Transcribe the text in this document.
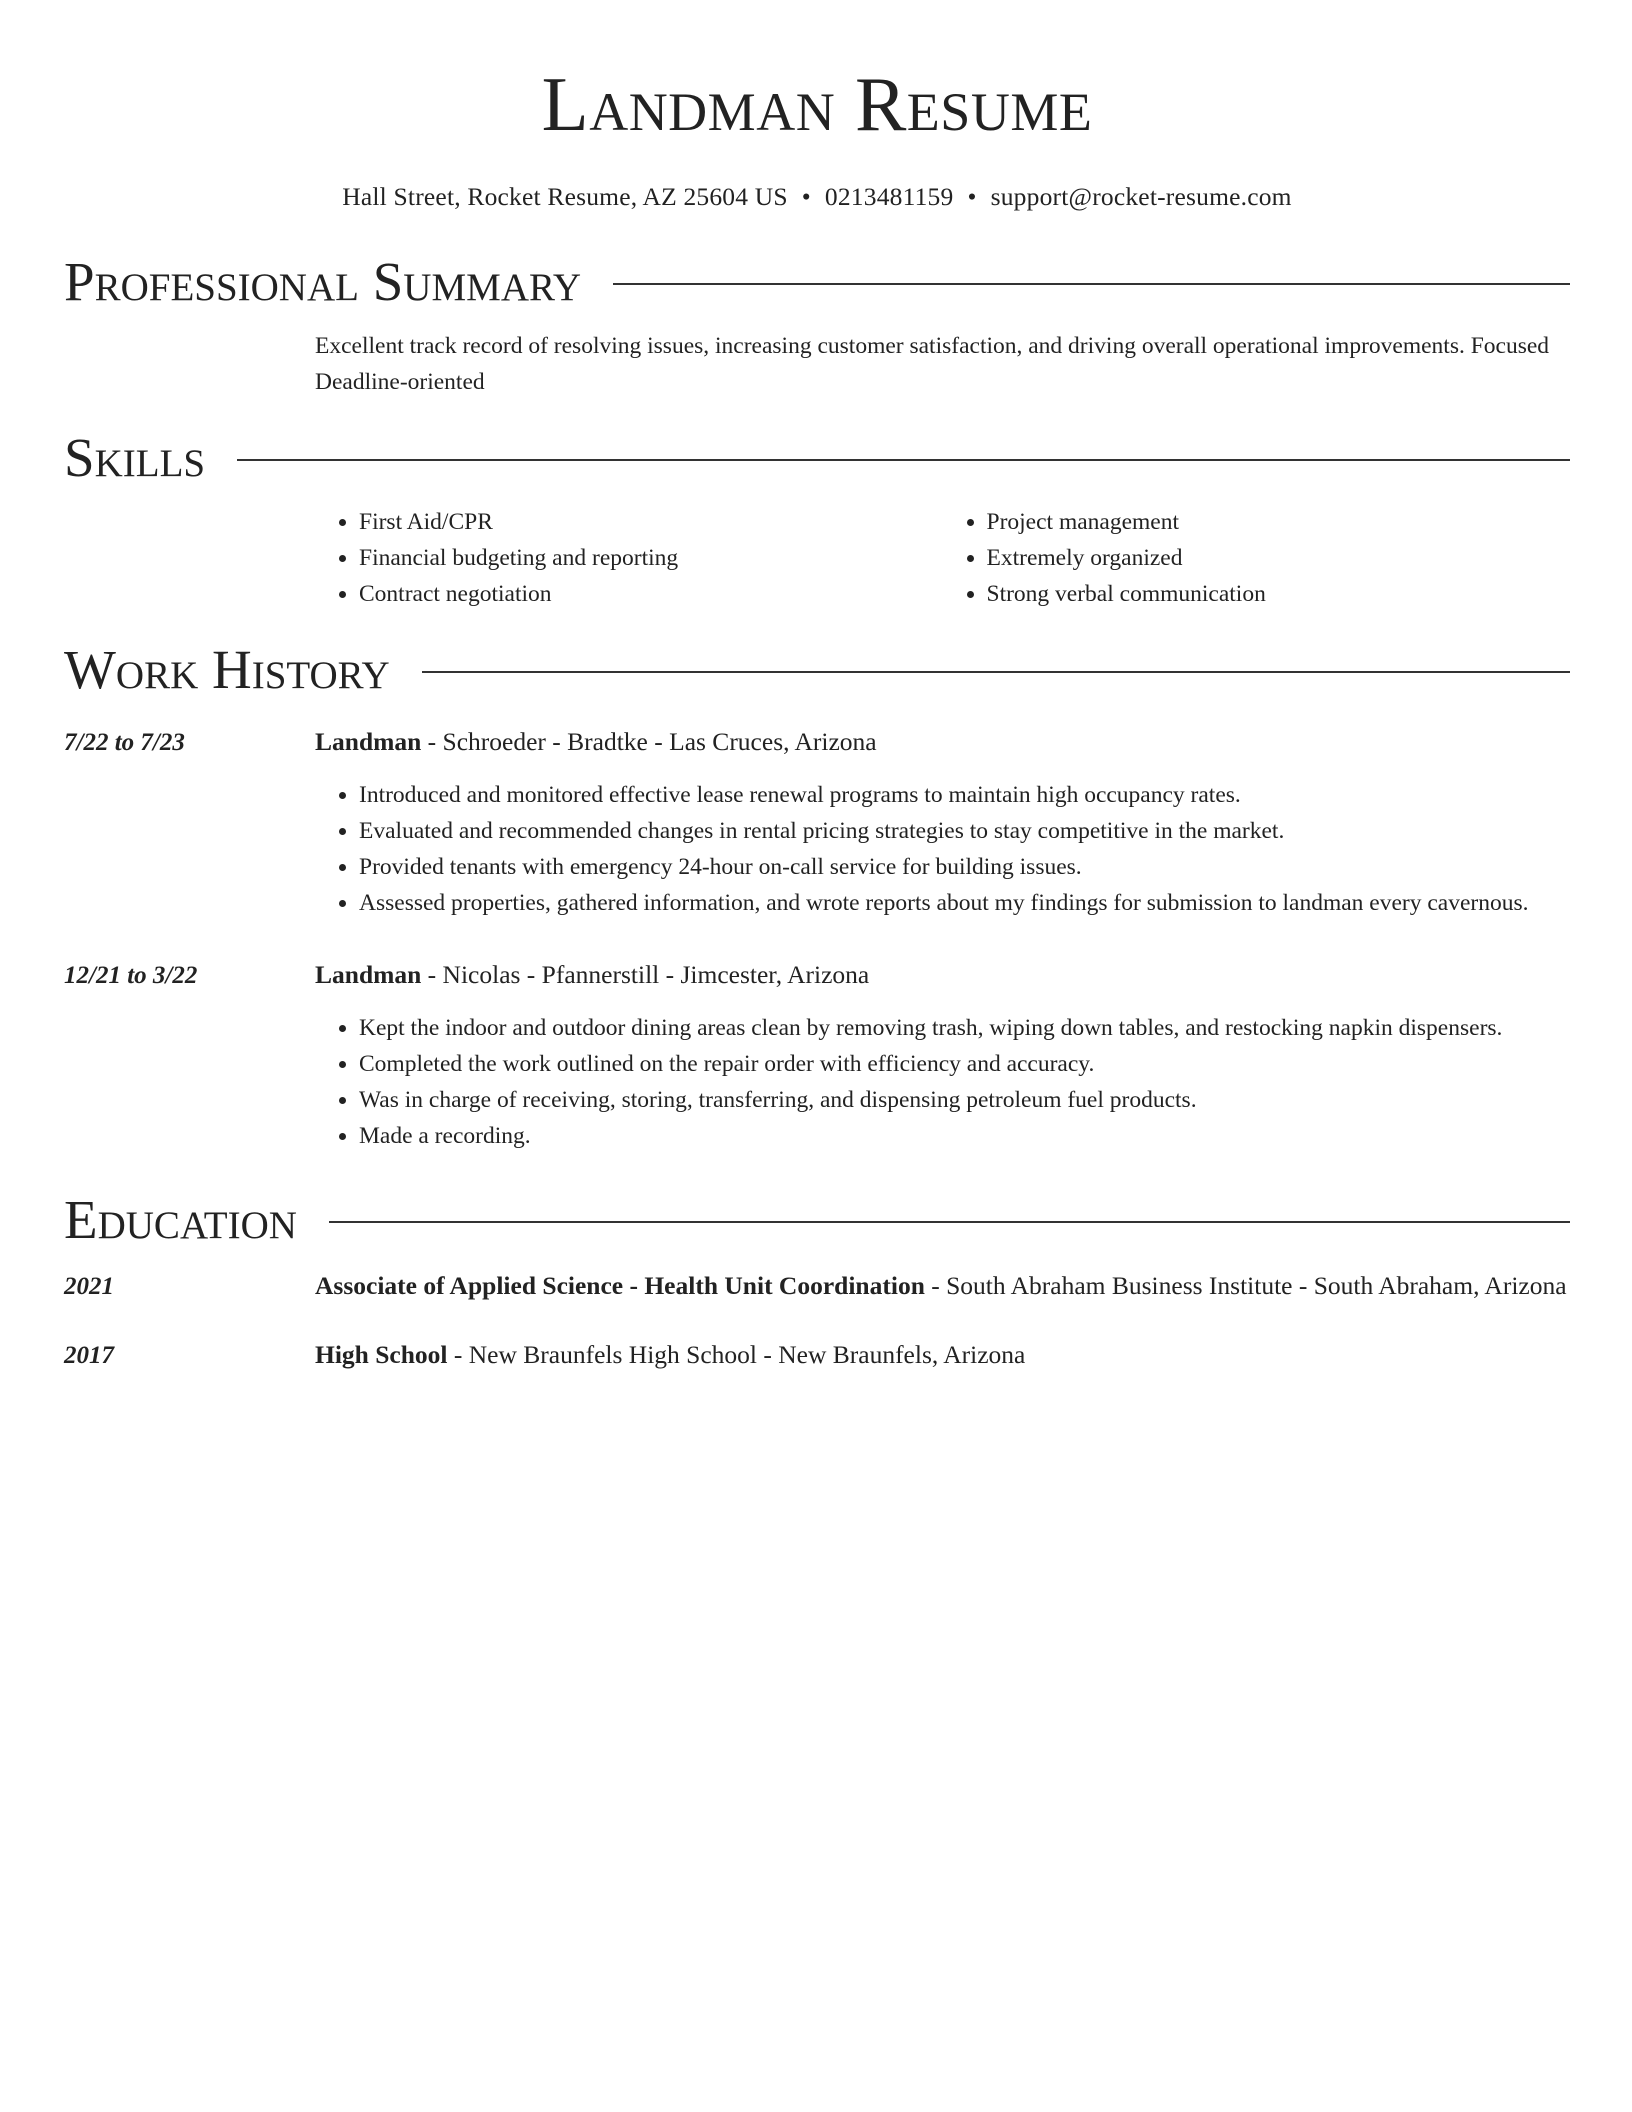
Landman Resume
Hall Street, Rocket Resume, AZ 25604 US • 0213481159 • support@rocket-resume.com
Professional Summary
Excellent track record of resolving issues, increasing customer satisfaction, and driving overall operational improvements. Focused Deadline-oriented
Skills
• First Aid/CPR
• Financial budgeting and reporting
• Contract negotiation
• Project management
• Extremely organized
• Strong verbal communication
Work History
7/22 to 7/23	Landman - Schroeder - Bradtke - Las Cruces, Arizona
• Introduced and monitored effective lease renewal programs to maintain high occupancy rates.
• Evaluated and recommended changes in rental pricing strategies to stay competitive in the market.
• Provided tenants with emergency 24-hour on-call service for building issues.
• Assessed properties, gathered information, and wrote reports about my findings for submission to landman every cavernous.
12/21 to 3/22	Landman - Nicolas - Pfannerstill - Jimcester, Arizona
• Kept the indoor and outdoor dining areas clean by removing trash, wiping down tables, and restocking napkin dispensers.
• Completed the work outlined on the repair order with efficiency and accuracy.
• Was in charge of receiving, storing, transferring, and dispensing petroleum fuel products.
• Made a recording.
Education
2021	Associate of Applied Science - Health Unit Coordination - South Abraham Business Institute - South Abraham, Arizona
2017	High School - New Braunfels High School - New Braunfels, Arizona
